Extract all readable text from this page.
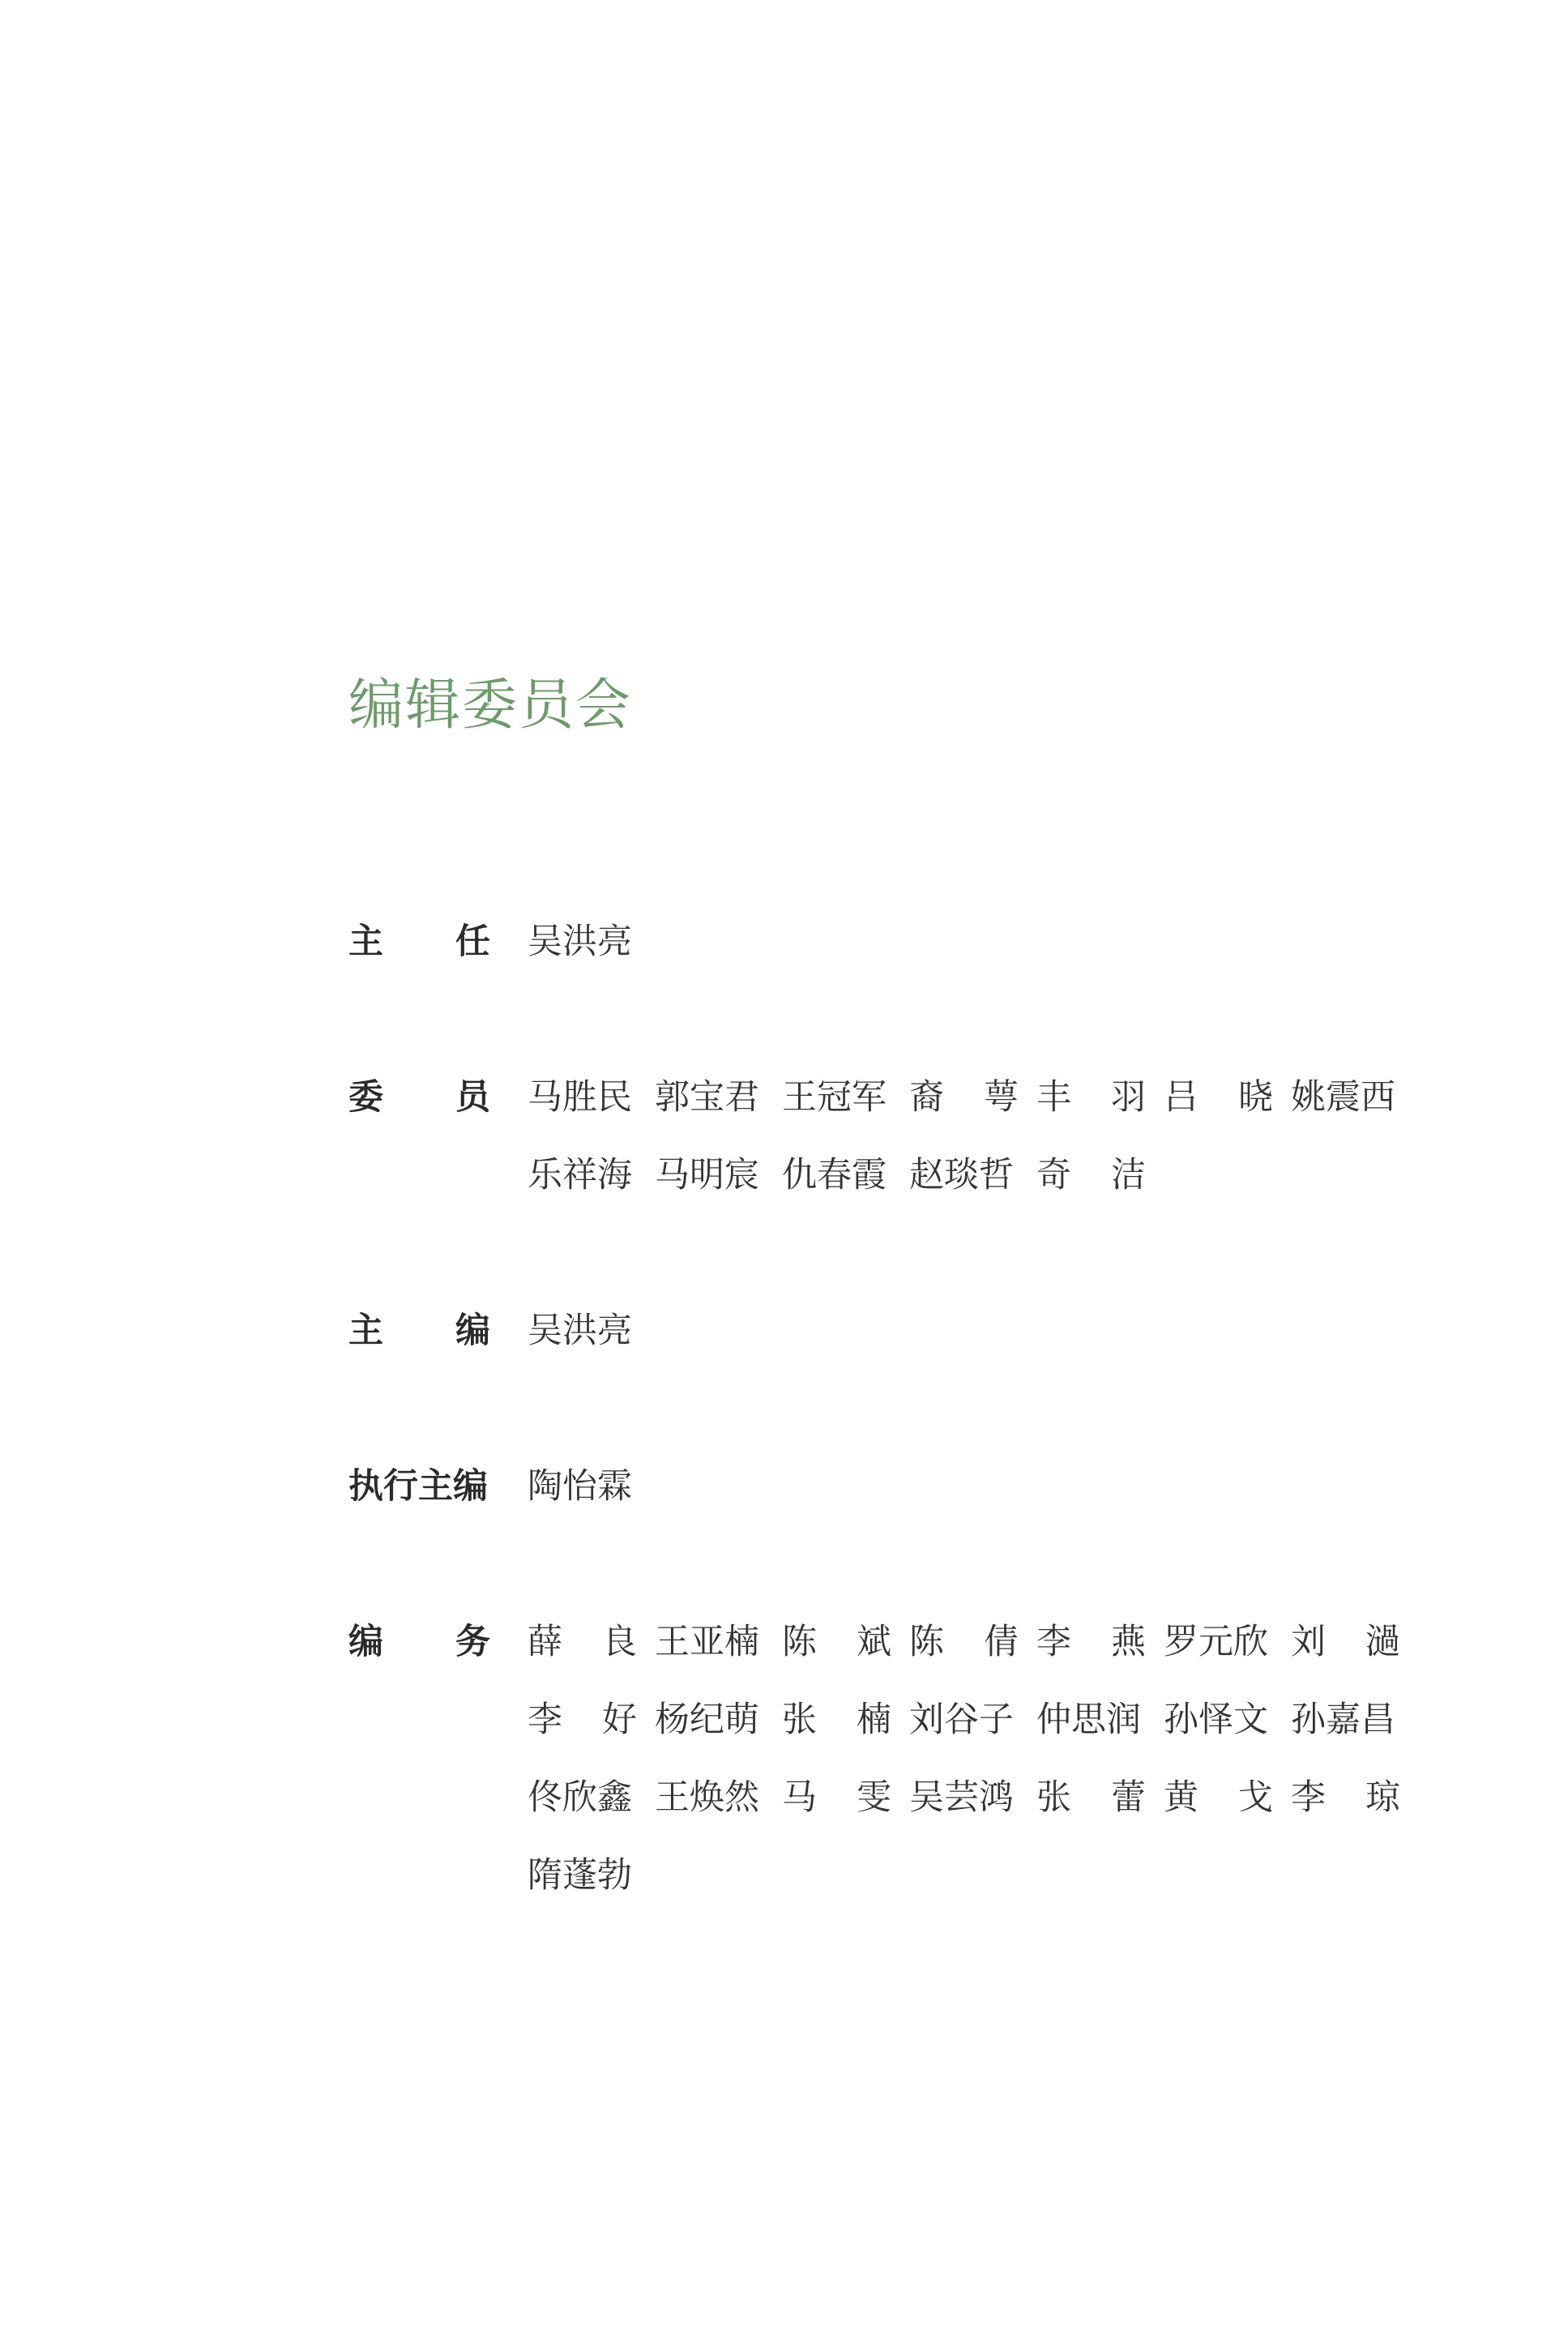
编辑委员会
主 任 吴洪亮
委 员 马胜民 郭宝君 王冠军 裔 萼 丰 羽 吕 晓 姚震西
乐祥海 马明宸 仇春霞 赵琰哲 奇 洁
主 编 吴洪亮
执行主编 陶怡霖
编 务 薛 良 王亚楠 陈 斌 陈 倩 李 燕 罗元欣 刘 濄
李 好 杨纪萌 张 楠 刘谷子 仲思润 孙怿文 孙嘉昌
佟欣鑫 王焕然 马 雯 吴芸鸿 张 蕾 黄 戈 李 琼
隋蓬勃
